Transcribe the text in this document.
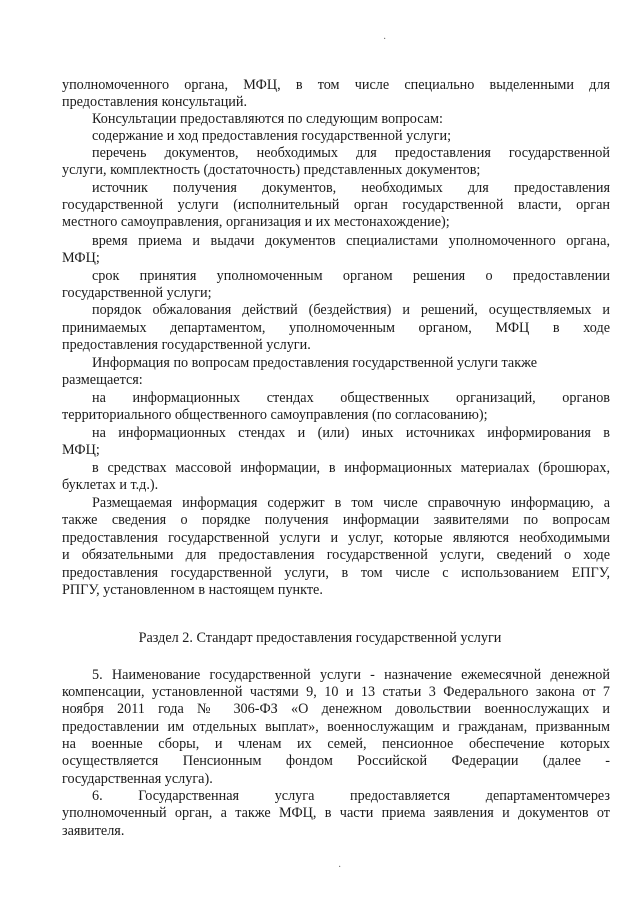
·
уполномоченного органа, МФЦ, в том числе специально выделенными для
предоставления консультаций.
Консультации предоставляются по следующим вопросам:
содержание и ход предоставления государственной услуги;
перечень документов, необходимых для предоставления государственной
услуги, комплектность (достаточность) представленных документов;
источник получения документов, необходимых для предоставления
государственной услуги (исполнительный орган государственной власти, орган
местного самоуправления, организация и их местонахождение);
время приема и выдачи документов специалистами уполномоченного органа,
МФЦ;
срок принятия уполномоченным органом решения о предоставлении
государственной услуги;
порядок обжалования действий (бездействия) и решений, осуществляемых и
принимаемых департаментом, уполномоченным органом, МФЦ в ходе
предоставления государственной услуги.
Информация по вопросам предоставления государственной услуги также
размещается:
на информационных стендах общественных организаций, органов
территориального общественного самоуправления (по согласованию);
на информационных стендах и (или) иных источниках информирования в
МФЦ;
в средствах массовой информации, в информационных материалах (брошюрах,
буклетах и т.д.).
Размещаемая информация содержит в том числе справочную информацию, а
также сведения о порядке получения информации заявителями по вопросам
предоставления государственной услуги и услуг, которые являются необходимыми
и обязательными для предоставления государственной услуги, сведений о ходе
предоставления государственной услуги, в том числе с использованием ЕПГУ,
РПГУ, установленном в настоящем пункте.
Раздел 2. Стандарт предоставления государственной услуги
5. Наименование государственной услуги - назначение ежемесячной денежной
компенсации, установленной частями 9, 10 и 13 статьи 3 Федерального закона от 7
ноября 2011 года № 306-ФЗ «О денежном довольствии военнослужащих и
предоставлении им отдельных выплат», военнослужащим и гражданам, призванным
на военные сборы, и членам их семей, пенсионное обеспечение которых
осуществляется Пенсионным фондом Российской Федерации (далее -
государственная услуга).
6. Государственная услуга предоставляется департаментомчерез
уполномоченный орган, а также МФЦ, в части приема заявления и документов от
заявителя.
·
